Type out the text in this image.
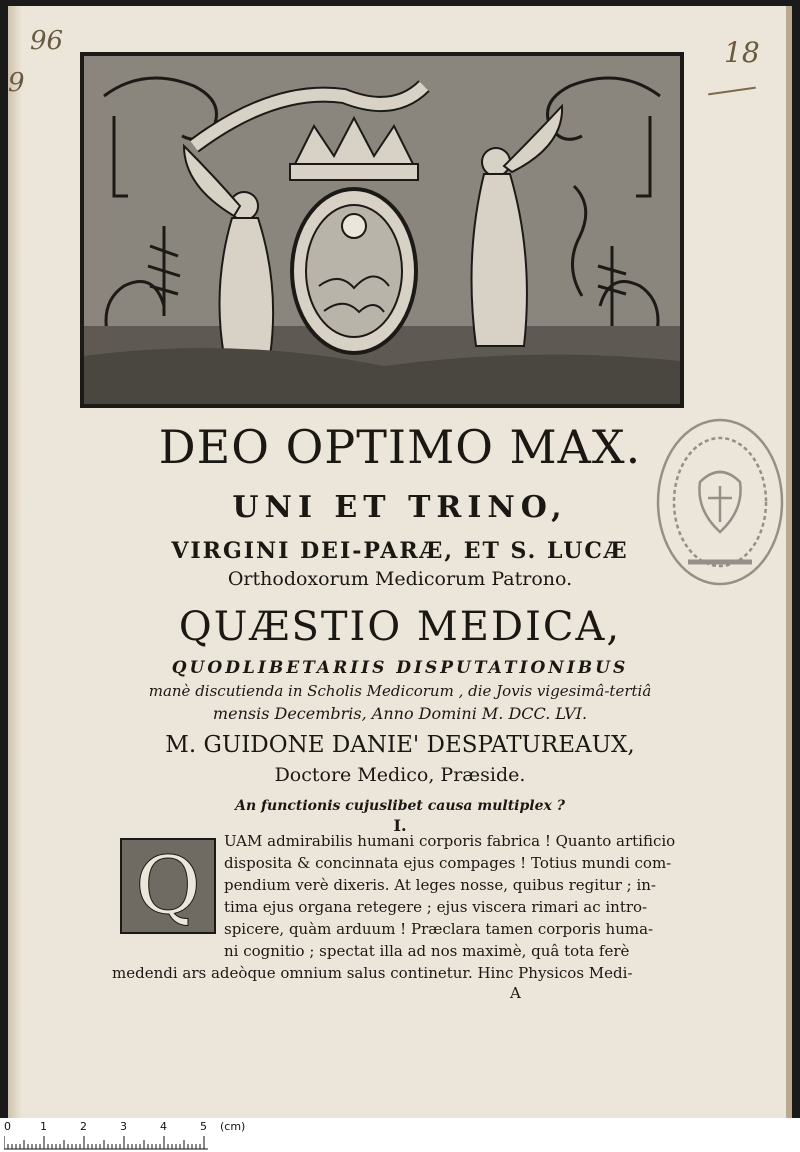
96
9
18
DEO OPTIMO MAX.
UNI ET TRINO,
VIRGINI DEI-PARÆ, ET S. LUCÆ
Orthodoxorum Medicorum Patrono.
QUÆSTIO MEDICA,
QUODLIBETARIIS DISPUTATIONIBUS
manè discutienda in Scholis Medicorum , die Jovis vigesimâ-tertiâ
mensis Decembris, Anno Domini M. DCC. LVI.
M. GUIDONE DANIE' DESPATUREAUX,
Doctore Medico, Præside.
An functionis cujuslibet causa multiplex ?
I.
Q	UAM admirabilis humani corporis fabrica ! Quanto artificio
disposita & concinnata ejus compages ! Totius mundi com-
pendium verè dixeris. At leges nosse, quibus regitur ; in-
tima ejus organa retegere ; ejus viscera rimari ac intro-
spicere, quàm arduum ! Præclara tamen corporis huma-
ni cognitio ; spectat illa ad nos maximè, quâ tota ferè
medendi ars adeòque omnium salus continetur. Hinc Physicos Medi-
A
0	1	2	3	4	5 (cm)
